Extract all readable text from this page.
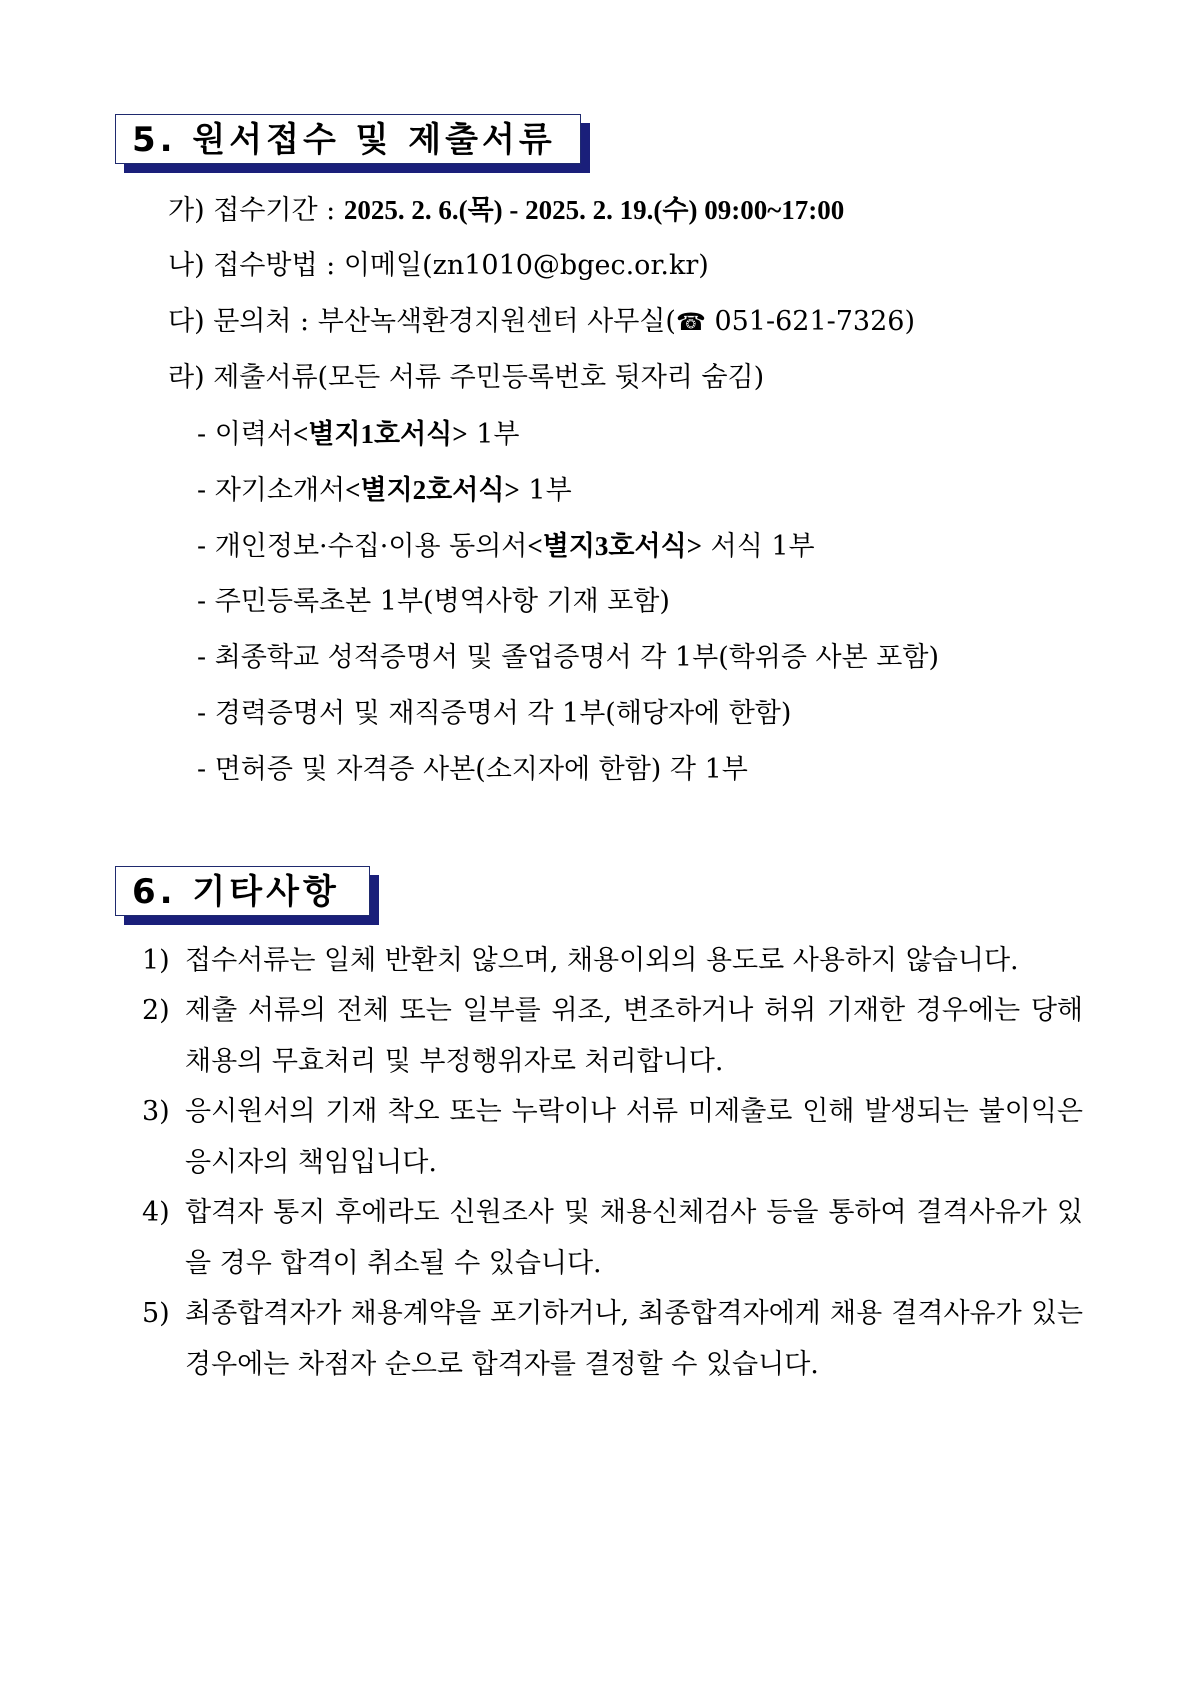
5. 원서접수 및 제출서류
가) 접수기간 : 2025. 2. 6.(목) - 2025. 2. 19.(수) 09:00~17:00
나) 접수방법 : 이메일(zn1010@bgec.or.kr)
다) 문의처 : 부산녹색환경지원센터 사무실(☎ 051-621-7326)
라) 제출서류(모든 서류 주민등록번호 뒷자리 숨김)
- 이력서<별지1호서식> 1부
- 자기소개서<별지2호서식> 1부
- 개인정보·수집·이용 동의서<별지3호서식> 서식 1부
- 주민등록초본 1부(병역사항 기재 포함)
- 최종학교 성적증명서 및 졸업증명서 각 1부(학위증 사본 포함)
- 경력증명서 및 재직증명서 각 1부(해당자에 한함)
- 면허증 및 자격증 사본(소지자에 한함) 각 1부
6. 기타사항
1) 접수서류는 일체 반환치 않으며, 채용이외의 용도로 사용하지 않습니다.
2) 제출 서류의 전체 또는 일부를 위조, 변조하거나 허위 기재한 경우에는 당해 채용의 무효처리 및 부정행위자로 처리합니다.
3) 응시원서의 기재 착오 또는 누락이나 서류 미제출로 인해 발생되는 불이익은 응시자의 책임입니다.
4) 합격자 통지 후에라도 신원조사 및 채용신체검사 등을 통하여 결격사유가 있을 경우 합격이 취소될 수 있습니다.
5) 최종합격자가 채용계약을 포기하거나, 최종합격자에게 채용 결격사유가 있는 경우에는 차점자 순으로 합격자를 결정할 수 있습니다.
